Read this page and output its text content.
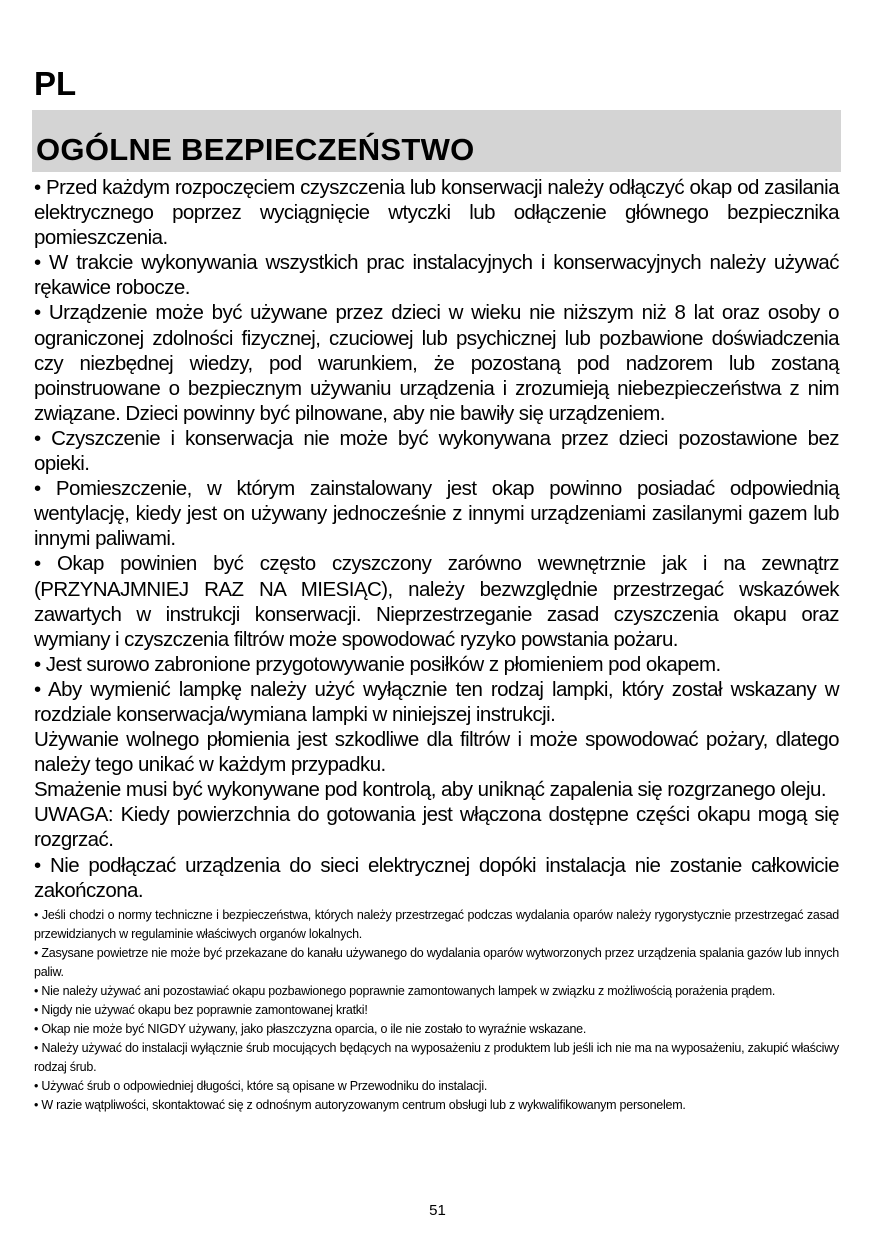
PL
OGÓLNE BEZPIECZEŃSTWO

• Przed każdym rozpoczęciem czyszczenia lub konserwacji należy odłączyć okap od zasilania elektrycznego poprzez wyciągnięcie wtyczki lub odłączenie głównego bezpiecznika pomieszczenia.

• W trakcie wykonywania wszystkich prac instalacyjnych i konserwacyjnych należy używać rękawice robocze.

• Urządzenie może być używane przez dzieci w wieku nie niższym niż 8 lat oraz osoby o ograniczonej zdolności fizycznej, czuciowej lub psychicznej lub pozbawione doświadczenia czy niezbędnej wiedzy, pod warunkiem, że pozostaną pod nadzorem lub zostaną poinstruowane o bezpiecznym używaniu urządzenia i zrozumieją niebezpieczeństwa z nim związane. Dzieci powinny być pilnowane, aby nie bawiły się urządzeniem.

• Czyszczenie i konserwacja nie może być wykonywana przez dzieci pozostawione bez opieki.

• Pomieszczenie, w którym zainstalowany jest okap powinno posiadać odpowiednią wentylację, kiedy jest on używany jednocześnie z innymi urządzeniami zasilanymi gazem lub innymi paliwami.

• Okap powinien być często czyszczony zarówno wewnętrznie jak i na zewnątrz (PRZYNAJMNIEJ RAZ NA MIESIĄC), należy bezwzględnie przestrzegać wskazówek zawartych w instrukcji konserwacji. Nieprzestrzeganie zasad czyszczenia okapu oraz wymiany i czyszczenia filtrów może spowodować ryzyko powstania pożaru.

• Jest surowo zabronione przygotowywanie posiłków z płomieniem pod okapem.

• Aby wymienić lampkę należy użyć wyłącznie ten rodzaj lampki, który został wskazany w rozdziale konserwacja/wymiana lampki w niniejszej instrukcji.

Używanie wolnego płomienia jest szkodliwe dla filtrów i może spowodować pożary, dlatego należy tego unikać w każdym przypadku.

Smażenie musi być wykonywane pod kontrolą, aby uniknąć zapalenia się rozgrzanego oleju.

UWAGA: Kiedy powierzchnia do gotowania jest włączona dostępne części okapu mogą się rozgrzać.

• Nie podłączać urządzenia do sieci elektrycznej dopóki instalacja nie zostanie całkowicie zakończona.

• Jeśli chodzi o normy techniczne i bezpieczeństwa, których należy przestrzegać podczas wydalania oparów należy rygorystycznie przestrzegać zasad przewidzianych w regulaminie właściwych organów lokalnych.

• Zasysane powietrze nie może być przekazane do kanału używanego do wydalania oparów wytworzonych przez urządzenia spalania gazów lub innych paliw.

• Nie należy używać ani pozostawiać okapu pozbawionego poprawnie zamontowanych lampek w związku z możliwością porażenia prądem.

• Nigdy nie używać okapu bez poprawnie zamontowanej kratki!

• Okap nie może być NIGDY używany, jako płaszczyzna oparcia, o ile nie zostało to wyraźnie wskazane.

• Należy używać do instalacji wyłącznie śrub mocujących będących na wyposażeniu z produktem lub jeśli ich nie ma na wyposażeniu, zakupić właściwy rodzaj śrub.

• Używać śrub o odpowiedniej długości, które są opisane w Przewodniku do instalacji.

• W razie wątpliwości, skontaktować się z odnośnym autoryzowanym centrum obsługi lub z wykwalifikowanym personelem.

51
